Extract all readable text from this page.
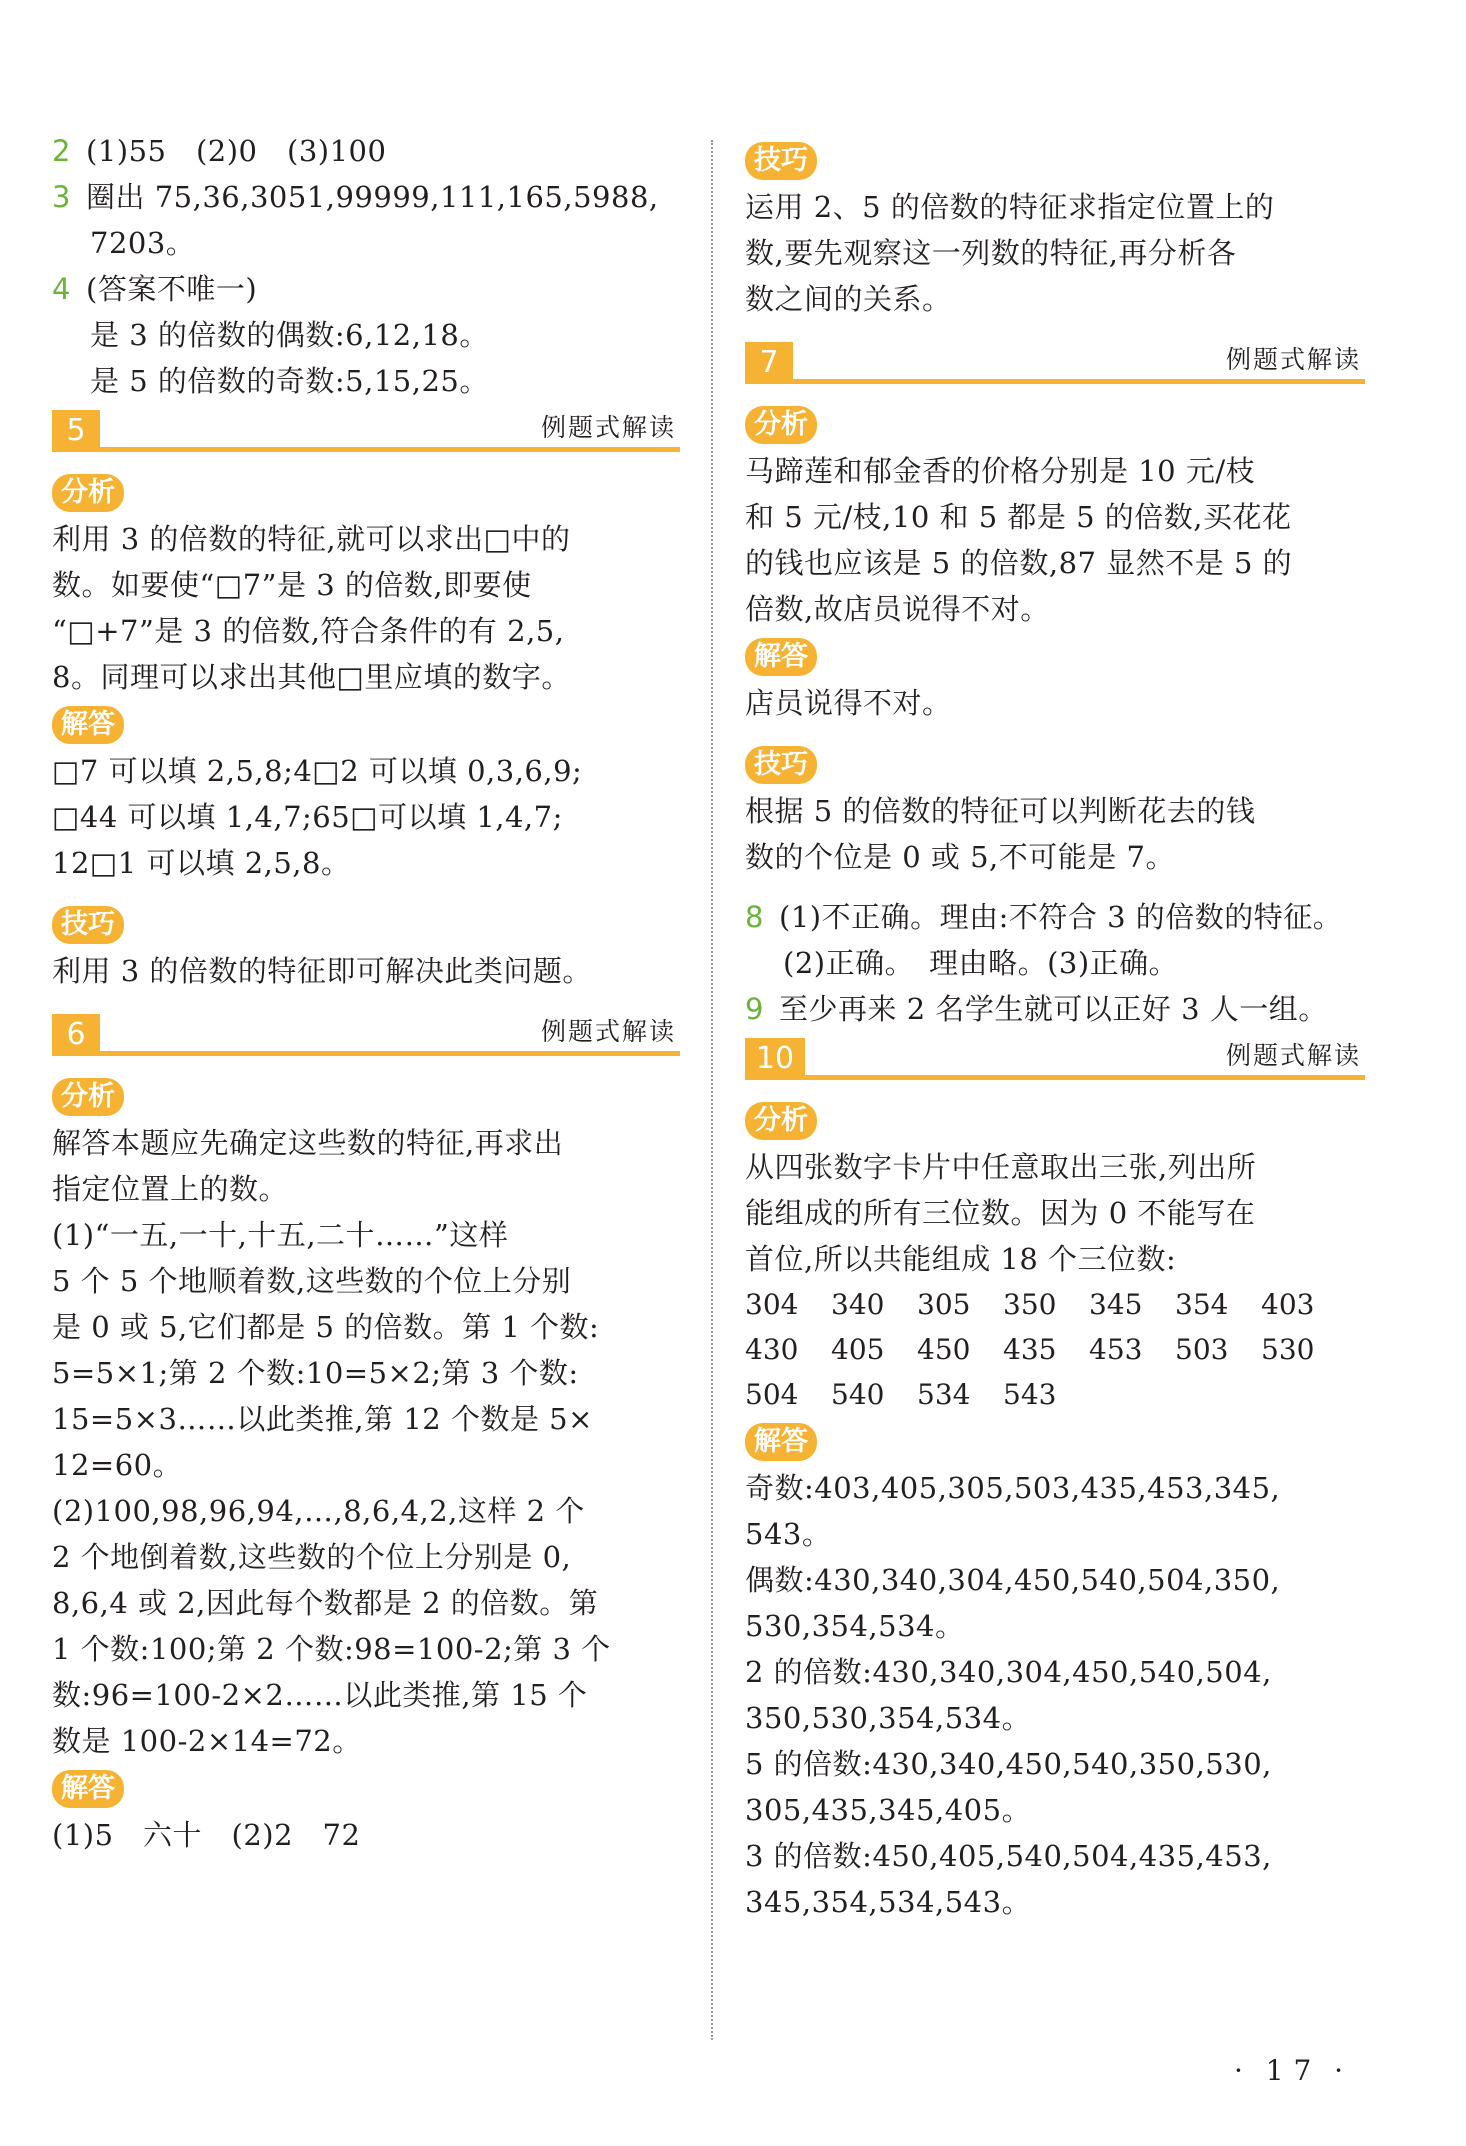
2 (1)55　(2)0　(3)100

3 圈出 75,36,3051,99999,111,165,5988,

7203。

4 (答案不唯一)

是 3 的倍数的偶数:6,12,18。

是 5 的倍数的奇数:5,15,25。

5	例题式解读
分析

利用 3 的倍数的特征,就可以求出□中的

数。如要使“□7”是 3 的倍数,即要使

“□+7”是 3 的倍数,符合条件的有 2,5,

8。同理可以求出其他□里应填的数字。

解答

□7 可以填 2,5,8;4□2 可以填 0,3,6,9;

□44 可以填 1,4,7;65□可以填 1,4,7;

12□1 可以填 2,5,8。

技巧

利用 3 的倍数的特征即可解决此类问题。

6	例题式解读
分析

解答本题应先确定这些数的特征,再求出

指定位置上的数。

(1)“一五,一十,十五,二十……”这样

5 个 5 个地顺着数,这些数的个位上分别

是 0 或 5,它们都是 5 的倍数。第 1 个数:

5=5×1;第 2 个数:10=5×2;第 3 个数:

15=5×3……以此类推,第 12 个数是 5×

12=60。

(2)100,98,96,94,…,8,6,4,2,这样 2 个

2 个地倒着数,这些数的个位上分别是 0,

8,6,4 或 2,因此每个数都是 2 的倍数。第

1 个数:100;第 2 个数:98=100-2;第 3 个

数:96=100-2×2……以此类推,第 15 个

数是 100-2×14=72。

解答

(1)5　六十　(2)2　72

技巧

运用 2、5 的倍数的特征求指定位置上的

数,要先观察这一列数的特征,再分析各

数之间的关系。

7	例题式解读
分析

马蹄莲和郁金香的价格分别是 10 元/枝

和 5 元/枝,10 和 5 都是 5 的倍数,买花花

的钱也应该是 5 的倍数,87 显然不是 5 的

倍数,故店员说得不对。

解答

店员说得不对。

技巧

根据 5 的倍数的特征可以判断花去的钱

数的个位是 0 或 5,不可能是 7。

8 (1)不正确。理由:不符合 3 的倍数的特征。

(2)正确。　理由略。(3)正确。

9 至少再来 2 名学生就可以正好 3 人一组。

10	例题式解读
分析

从四张数字卡片中任意取出三张,列出所

能组成的所有三位数。因为 0 不能写在

首位,所以共能组成 18 个三位数:

304	340	305	350	345	354	403
430	405	450	435	453	503	530
504	540	534	543
解答

奇数:403,405,305,503,435,453,345,

543。

偶数:430,340,304,450,540,504,350,

530,354,534。

2 的倍数:430,340,304,450,540,504,

350,530,354,534。

5 的倍数:430,340,450,540,350,530,

305,435,345,405。

3 的倍数:450,405,540,504,435,453,

345,354,534,543。

· 17 ·
